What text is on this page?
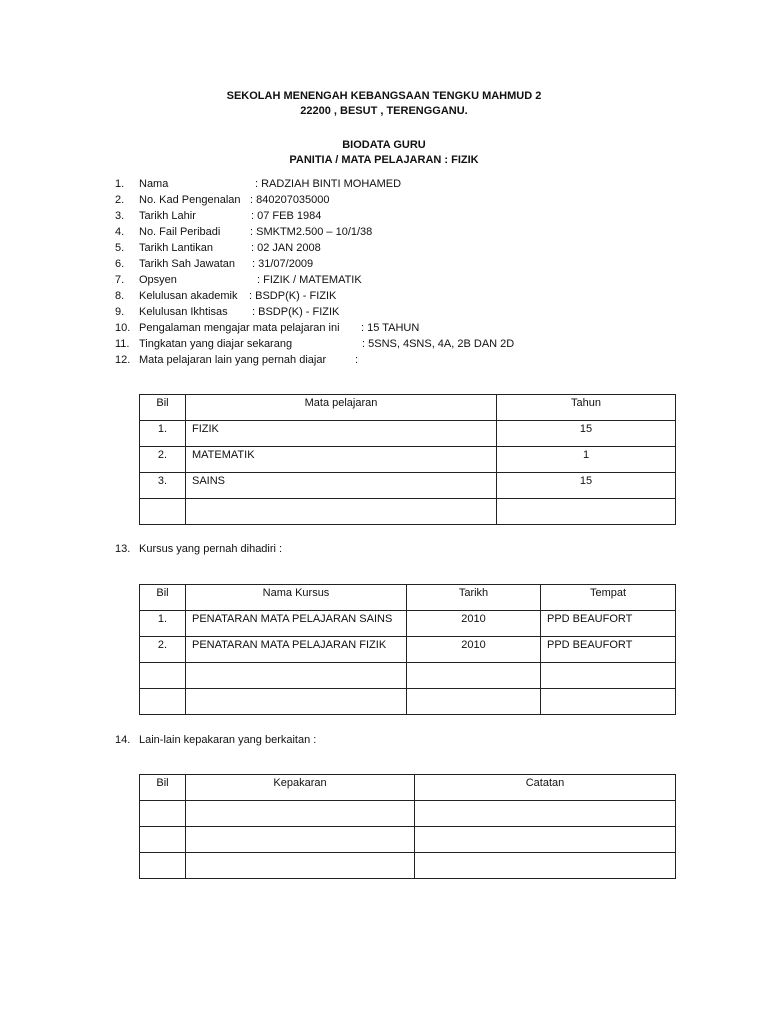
SEKOLAH MENENGAH KEBANGSAAN TENGKU MAHMUD 2
22200 , BESUT , TERENGGANU.
BIODATA GURU
PANITIA / MATA PELAJARAN : FIZIK
1.	Nama	: RADZIAH BINTI MOHAMED
2.	No. Kad Pengenalan : 840207035000
3.	Tarikh Lahir	: 07 FEB 1984
4.	No. Fail Peribadi	: SMKTM2.500 – 10/1/38
5.	Tarikh Lantikan	: 02 JAN 2008
6.	Tarikh Sah Jawatan : 31/07/2009
7.	Opsyen	: FIZIK / MATEMATIK
8.	Kelulusan akademik : BSDP(K) - FIZIK
9.	Kelulusan Ikhtisas : BSDP(K) - FIZIK
10. Pengalaman mengajar mata pelajaran ini : 15 TAHUN
11. Tingkatan yang diajar sekarang	: 5SNS, 4SNS, 4A, 2B DAN 2D
12. Mata pelajaran lain yang pernah diajar	:
Bil	Mata pelajaran	Tahun
1.	FIZIK	15
2.	MATEMATIK	1
3.	SAINS	15

13. Kursus yang pernah dihadiri :
Bil	Nama Kursus	Tarikh	Tempat
1.	PENATARAN MATA PELAJARAN SAINS	2010	PPD BEAUFORT
2.	PENATARAN MATA PELAJARAN FIZIK	2010	PPD BEAUFORT

14. Lain-lain kepakaran yang berkaitan :
Bil	Kepakaran	Catatan
